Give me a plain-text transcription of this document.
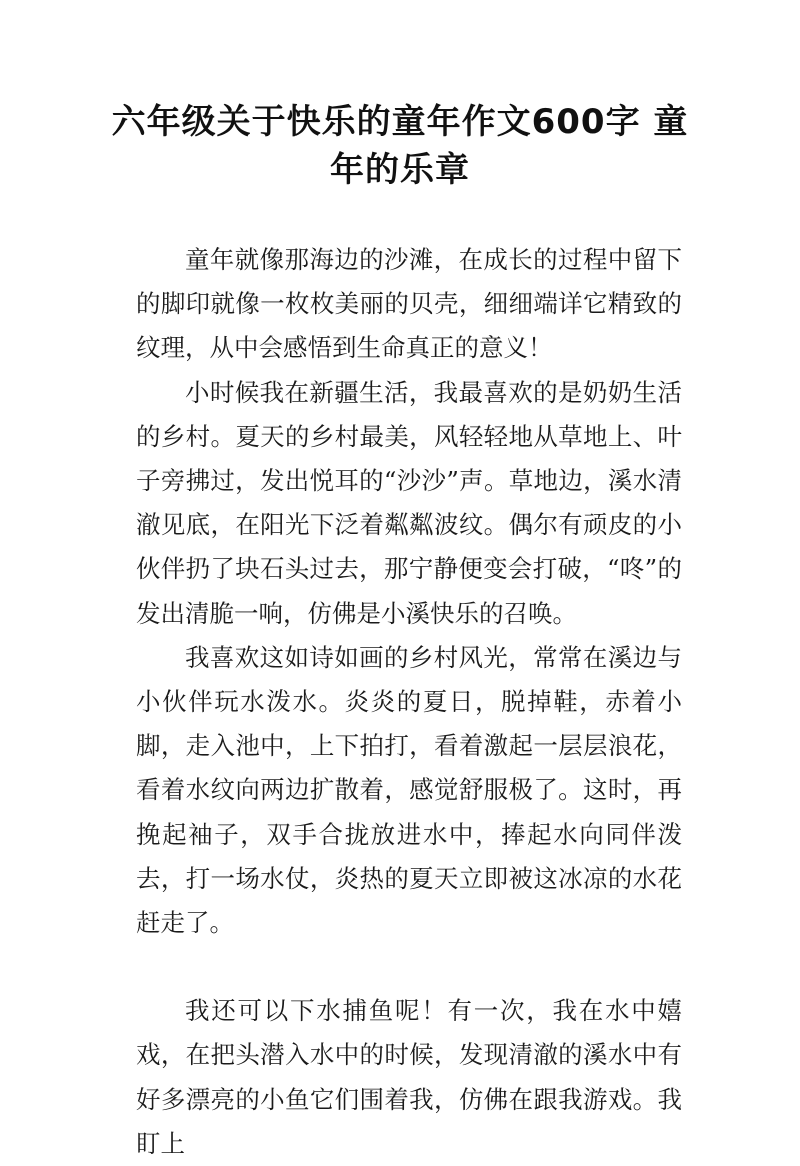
六年级关于快乐的童年作文600字 童年的乐章

童年就像那海边的沙滩，在成长的过程中留下的脚印就像一枚枚美丽的贝壳，细细端详它精致的纹理，从中会感悟到生命真正的意义！

小时候我在新疆生活，我最喜欢的是奶奶生活的乡村。夏天的乡村最美，风轻轻地从草地上、叶子旁拂过，发出悦耳的“沙沙”声。草地边，溪水清澈见底，在阳光下泛着粼粼波纹。偶尔有顽皮的小伙伴扔了块石头过去，那宁静便变会打破，“咚”的发出清脆一响，仿佛是小溪快乐的召唤。

我喜欢这如诗如画的乡村风光，常常在溪边与小伙伴玩水泼水。炎炎的夏日，脱掉鞋，赤着小脚，走入池中，上下拍打，看着激起一层层浪花，看着水纹向两边扩散着，感觉舒服极了。这时，再挽起袖子，双手合拢放进水中，捧起水向同伴泼去，打一场水仗，炎热的夏天立即被这冰凉的水花赶走了。

我还可以下水捕鱼呢！有一次，我在水中嬉戏，在把头潜入水中的时候，发现清澈的溪水中有好多漂亮的小鱼它们围着我，仿佛在跟我游戏。我盯上
